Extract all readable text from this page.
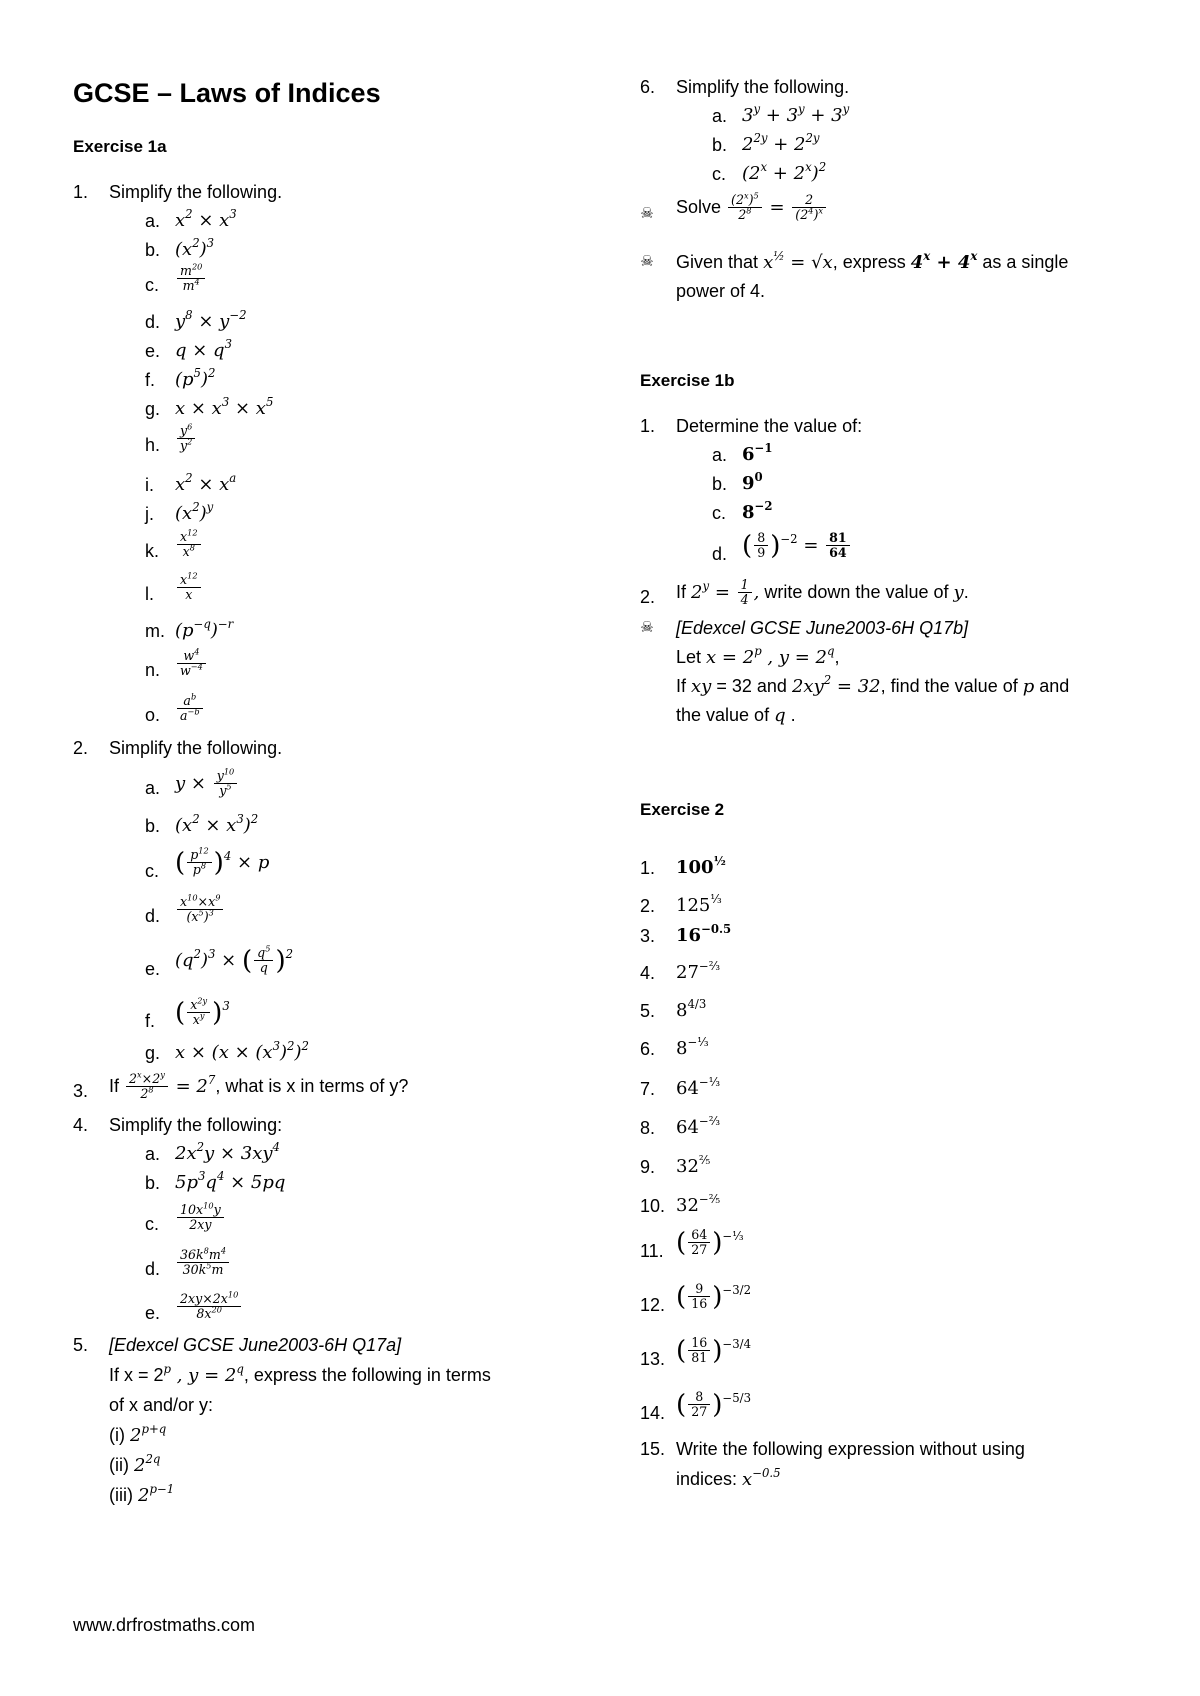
GCSE – Laws of Indices
Exercise 1a
1.	Simplify the following.
a. $x^2 \times x^3$
b. $(x^2)^3$
c. $\frac{m^{20}}{m^4}$
d. $y^8 \times y^{-2}$
e. $q \times q^3$
f. $(p^5)^2$
g. $x \times x^3 \times x^5$
h. $\frac{y^6}{y^2}$
i. $x^2 \times x^a$
j. $(x^2)^y$
k. $\frac{x^{12}}{x^8}$
l. $\frac{x^{12}}{x}$
m. $(p^{-q})^{-r}$
n. $\frac{w^4}{w^{-4}}$
o. $\frac{a^b}{a^{-b}}$
2.	Simplify the following.
a. $y \times \frac{y^{10}}{y^5}$
b. $(x^2 \times x^3)^2$
c. ( $\frac{p^{12}}{p^8} )^4 \times p$
d. $\frac{x^{10}\times x^9}{(x^5)^3}$
e. $(q^2)^3$ × ( $\frac{q^5}{q} )^2$
f. ( $\frac{x^{2y}}{x^y} )^3$
g. $x \times (x \times (x^3)^2)^2$
3.	If $\frac{2^x\times 2^y}{2^8} = 2^7$, what is x in terms of y?
4.	Simplify the following:
a. $2x^2y \times 3xy^4$
b. $5p^3q^4 \times 5pq$
c. $\frac{10x^{10}y}{2xy}$
d. $\frac{36k^8m^4}{30k^5m}$
e. $\frac{2xy\times 2x^{10}}{8x^{20}}$
5.	[Edexcel GCSE June2003-6H Q17a]
If $x = 2^p$ , $y = 2^q$, express the following in terms
of x and/or y:
(i) $2^{p+q}$
(ii) $2^{2q}$
(iii) $2^{p-1}$
6.	Simplify the following.
a. $3^y + 3^y + 3^y$
b. $2^{2y} + 2^{2y}$
c. $(2^x + 2^x)^2$
☠ Solve $\frac{(2^x)^5}{2^8} = \frac{2}{(2^4)^x}$
☠ Given that $x^{\frac{1}{2}} = √x$, express $4^x + 4^x$ as a single
power of 4.
Exercise 1b
1.	Determine the value of:
a. $6^{-1}$
b. $9^0$
c. $8^{-2}$
d. ( $\frac{8}{9} )^{-2} = \frac{81}{64}$
2.	If $2^y = \frac{1}{4}$ , write down the value of y.
☠ [Edexcel GCSE June2003-6H Q17b]
Let $x = 2^p$ , $y = 2^q$,
If xy = 32 and $2xy^2 = 32$, find the value of p and
the value of q .
Exercise 2
1.	$100^{\frac{1}{2}}$
2.	$125^{\frac{1}{3}}$
3.	$16^{-0.5}$
4.	$27^{-\frac{2}{3}}$
5.	$8^{4/3}$
6.	$8^{-\frac{1}{3}}$
7.	$64^{-\frac{1}{3}}$
8.	$64^{-\frac{2}{3}}$
9.	$32^{\frac{2}{5}}$
10. $32^{-\frac{2}{5}}$
11. ( $\frac{64}{27} )^{-\frac{1}{3}}$
12. ( $\frac{9}{16} )^{-3/2}$
13. ( $\frac{16}{81} )^{-3/4}$
14. ( $\frac{8}{27} )^{-5/3}$
15. Write the following expression without using
indices: $x^{-0.5}$
www.drfrostmaths.com
